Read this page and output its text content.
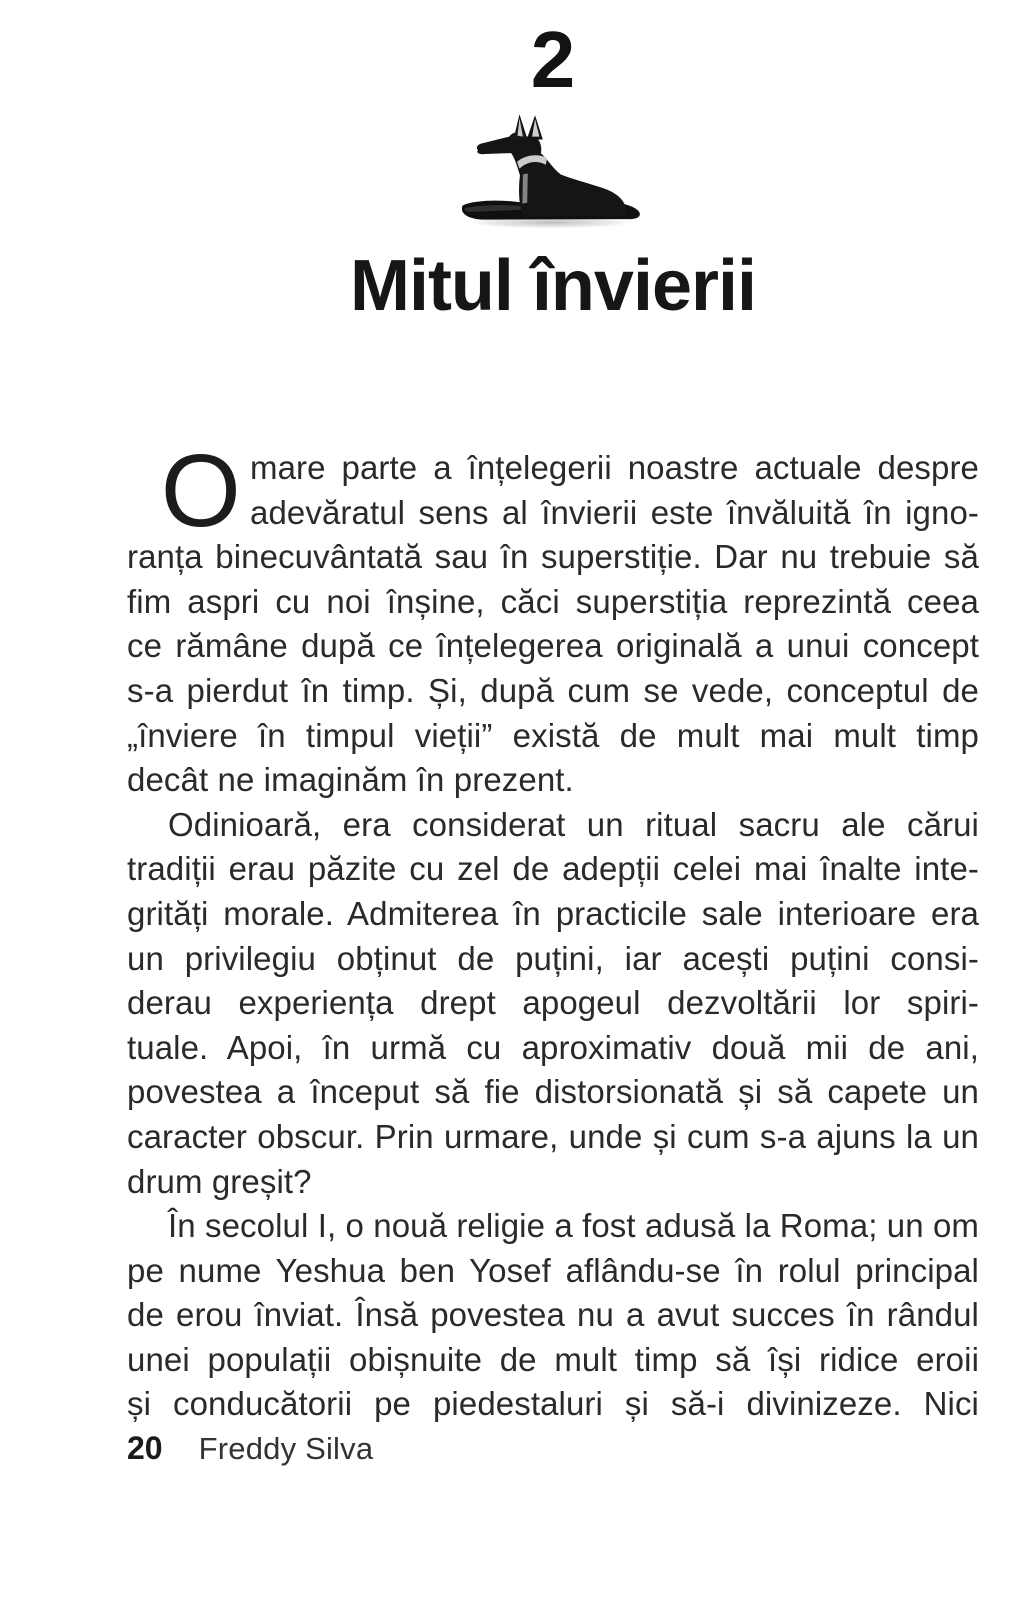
2
Mitul învierii
O mare parte a înțelegerii noastre actuale despre
adevăratul sens al învierii este învăluită în igno-
ranța binecuvântată sau în superstiție. Dar nu trebuie să
fim aspri cu noi înșine, căci superstiția reprezintă ceea
ce rămâne după ce înțelegerea originală a unui concept
s-a pierdut în timp. Și, după cum se vede, conceptul de
„înviere în timpul vieții” există de mult mai mult timp
decât ne imaginăm în prezent.
Odinioară, era considerat un ritual sacru ale cărui
tradiții erau păzite cu zel de adepții celei mai înalte inte-
grități morale. Admiterea în practicile sale interioare era
un privilegiu obținut de puțini, iar acești puțini consi-
derau experiența drept apogeul dezvoltării lor spiri-
tuale. Apoi, în urmă cu aproximativ două mii de ani,
povestea a început să fie distorsionată și să capete un
caracter obscur. Prin urmare, unde și cum s-a ajuns la un
drum greșit?
În secolul I, o nouă religie a fost adusă la Roma; un om
pe nume Yeshua ben Yosef aflându-se în rolul principal
de erou înviat. Însă povestea nu a avut succes în rândul
unei populații obișnuite de mult timp să își ridice eroii
și conducătorii pe piedestaluri și să-i divinizeze. Nici
20 Freddy Silva
